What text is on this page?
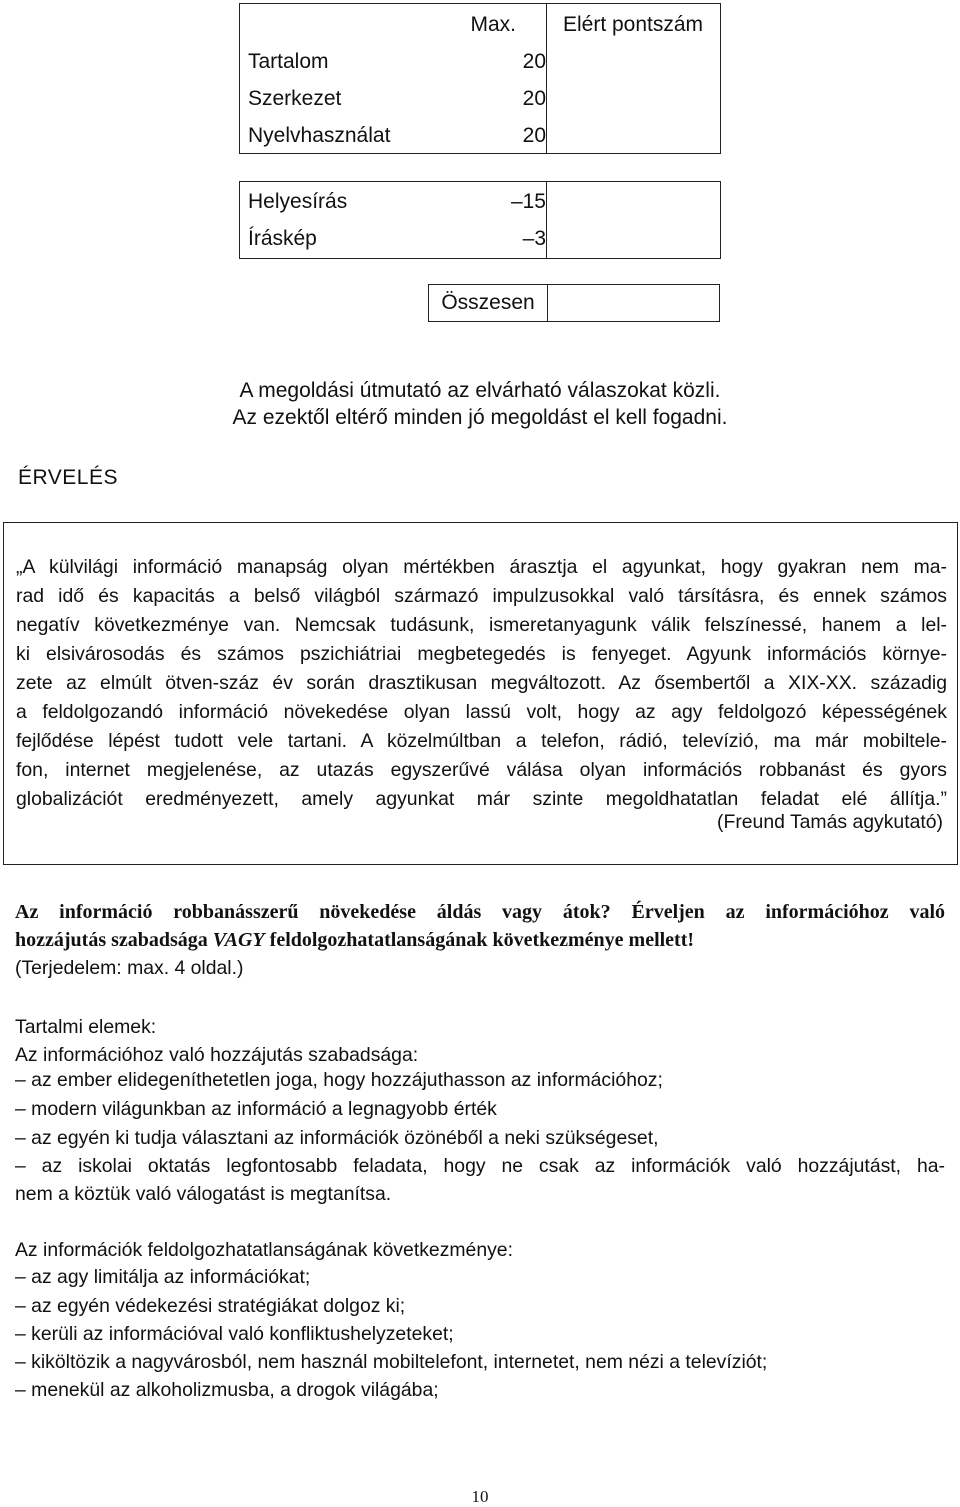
Max.	Elért pontszám
Tartalom	20
Szerkezet	20
Nyelvhasználat	20
Helyesírás	–15
Íráskép	–3
Összesen
A megoldási útmutató az elvárható válaszokat közli.
Az ezektől eltérő minden jó megoldást el kell fogadni.
ÉRVELÉS
„A külvilági információ manapság olyan mértékben árasztja el agyunkat, hogy gyakran nem ma-
rad idő és kapacitás a belső világból származó impulzusokkal való társításra, és ennek számos
negatív következménye van. Nemcsak tudásunk, ismeretanyagunk válik felszínessé, hanem a lel-
ki elsivárosodás és számos pszichiátriai megbetegedés is fenyeget. Agyunk információs környe-
zete az elmúlt ötven-száz év során drasztikusan megváltozott. Az ősembertől a XIX-XX. századig
a feldolgozandó információ növekedése olyan lassú volt, hogy az agy feldolgozó képességének
fejlődése lépést tudott vele tartani. A közelmúltban a telefon, rádió, televízió, ma már mobiltele-
fon, internet megjelenése, az utazás egyszerűvé válása olyan információs robbanást és gyors
globalizációt eredményezett, amely agyunkat már szinte megoldhatatlan feladat elé állítja.”
(Freund Tamás agykutató)
Az információ robbanásszerű növekedése áldás vagy átok? Érveljen az információhoz való
hozzájutás szabadsága VAGY feldolgozhatatlanságának következménye mellett!
(Terjedelem: max. 4 oldal.)
Tartalmi elemek:
Az információhoz való hozzájutás szabadsága:
– az ember elidegeníthetetlen joga, hogy hozzájuthasson az információhoz;
– modern világunkban az információ a legnagyobb érték
– az egyén ki tudja választani az információk özönéből a neki szükségeset,
– az iskolai oktatás legfontosabb feladata, hogy ne csak az információk való hozzájutást, ha-
nem a köztük való válogatást is megtanítsa.
Az információk feldolgozhatatlanságának következménye:
– az agy limitálja az információkat;
– az egyén védekezési stratégiákat dolgoz ki;
– kerüli az információval való konfliktushelyzeteket;
– kiköltözik a nagyvárosból, nem használ mobiltelefont, internetet, nem nézi a televíziót;
– menekül az alkoholizmusba, a drogok világába;
10
